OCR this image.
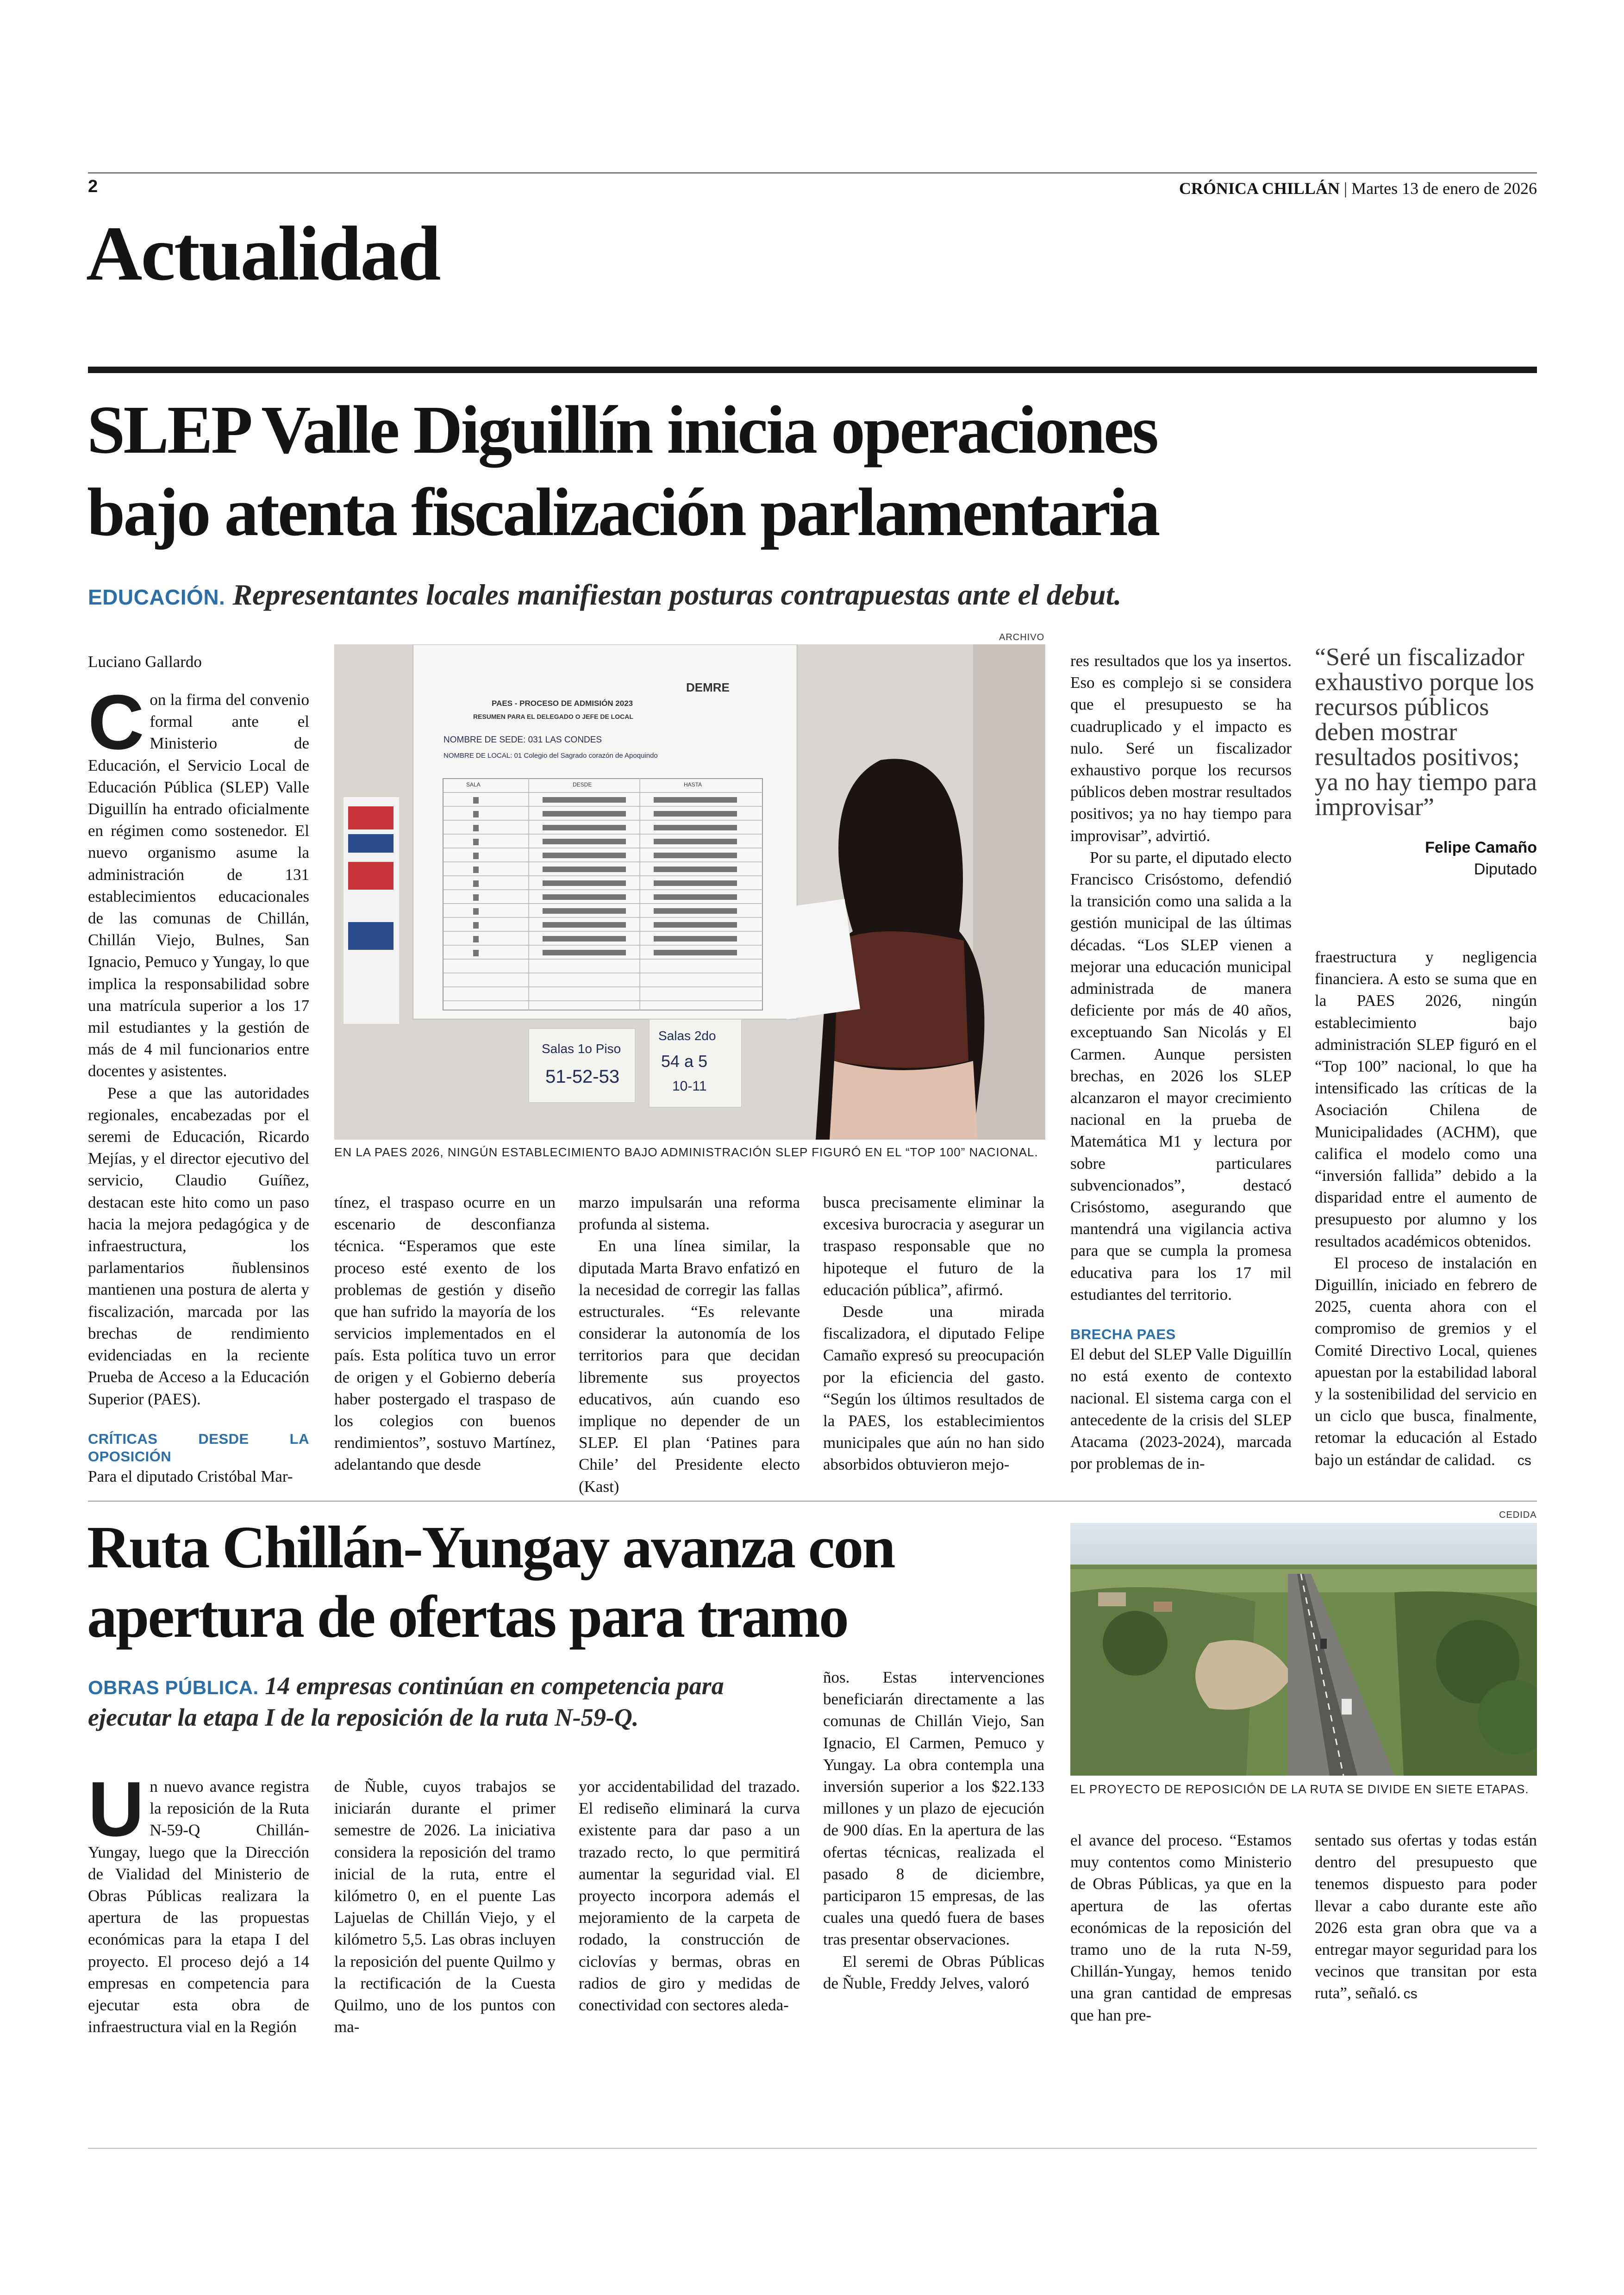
2	CRÓNICA CHILLÁN | Martes 13 de enero de 2026
Actualidad
SLEP Valle Diguillín inicia operaciones
bajo atenta fiscalización parlamentaria
EDUCACIÓN. Representantes locales manifiestan posturas contrapuestas ante el debut.
Luciano Gallardo
C on la firma del convenio formal ante el Ministerio de Educación, el Servicio Local de Educación Pública (SLEP) Valle Diguillín ha entrado oficialmente en régimen como sostenedor. El nuevo organismo asume la administración de 131 establecimientos educacionales de las comunas de Chillán, Chillán Viejo, Bulnes, San Ignacio, Pemuco y Yungay, lo que implica la responsabilidad sobre una matrícula superior a los 17 mil estudiantes y la gestión de más de 4 mil funcionarios entre docentes y asistentes.

Pese a que las autoridades regionales, encabezadas por el seremi de Educación, Ricardo Mejías, y el director ejecutivo del servicio, Claudio Guíñez, destacan este hito como un paso hacia la mejora pedagógica y de infraestructura, los parlamentarios ñublensinos mantienen una postura de alerta y fiscalización, marcada por las brechas de rendimiento evidenciadas en la reciente Prueba de Acceso a la Educación Superior (PAES).

CRÍTICAS DESDE LA OPOSICIÓN

Para el diputado Cristóbal Mar-

ARCHIVO
DEMRE
PAES - PROCESO DE ADMISIÓN 2023
RESUMEN PARA EL DELEGADO O JEFE DE LOCAL
NOMBRE DE SEDE: 031 LAS CONDES
NOMBRE DE LOCAL: 01 Colegio del Sagrado corazón de Apoquindo
SALA	DESDE	HASTA
Salas 1o Piso
51-52-53
Salas 2do
54 a 5
10-11
EN LA PAES 2026, NINGÚN ESTABLECIMIENTO BAJO ADMINISTRACIÓN SLEP FIGURÓ EN EL “TOP 100” NACIONAL.

tínez, el traspaso ocurre en un escenario de desconfianza técnica. “Esperamos que este proceso esté exento de los problemas de gestión y diseño que han sufrido la mayoría de los servicios implementados en el país. Esta política tuvo un error de origen y el Gobierno debería haber postergado el traspaso de los colegios con buenos rendimientos”, sostuvo Martínez, adelantando que desde

marzo impulsarán una reforma profunda al sistema.

En una línea similar, la diputada Marta Bravo enfatizó en la necesidad de corregir las fallas estructurales. “Es relevante considerar la autonomía de los territorios para que decidan libremente sus proyectos educativos, aún cuando eso implique no depender de un SLEP. El plan ‘Patines para Chile’ del Presidente electo (Kast)

busca precisamente eliminar la excesiva burocracia y asegurar un traspaso responsable que no hipoteque el futuro de la educación pública”, afirmó.

Desde una mirada fiscalizadora, el diputado Felipe Camaño expresó su preocupación por la eficiencia del gasto. “Según los últimos resultados de la PAES, los establecimientos municipales que aún no han sido absorbidos obtuvieron mejo-

res resultados que los ya insertos. Eso es complejo si se considera que el presupuesto se ha cuadruplicado y el impacto es nulo. Seré un fiscalizador exhaustivo porque los recursos públicos deben mostrar resultados positivos; ya no hay tiempo para improvisar”, advirtió.

Por su parte, el diputado electo Francisco Crisóstomo, defendió la transición como una salida a la gestión municipal de las últimas décadas. “Los SLEP vienen a mejorar una educación municipal administrada de manera deficiente por más de 40 años, exceptuando San Nicolás y El Carmen. Aunque persisten brechas, en 2026 los SLEP alcanzaron el mayor crecimiento nacional en la prueba de Matemática M1 y lectura por sobre particulares subvencionados”, destacó Crisóstomo, asegurando que mantendrá una vigilancia activa para que se cumpla la promesa educativa para los 17 mil estudiantes del territorio.

BRECHA PAES

El debut del SLEP Valle Diguillín no está exento de contexto nacional. El sistema carga con el antecedente de la crisis del SLEP Atacama (2023-2024), marcada por problemas de in-

“Seré un fiscalizador exhaustivo porque los recursos públicos deben mostrar resultados positivos; ya no hay tiempo para improvisar”
Felipe Camaño
Diputado

fraestructura y negligencia financiera. A esto se suma que en la PAES 2026, ningún establecimiento bajo administración SLEP figuró en el “Top 100” nacional, lo que ha intensificado las críticas de la Asociación Chilena de Municipalidades (ACHM), que califica el modelo como una “inversión fallida” debido a la disparidad entre el aumento de presupuesto por alumno y los resultados académicos obtenidos.

El proceso de instalación en Diguillín, iniciado en febrero de 2025, cuenta ahora con el compromiso de gremios y el Comité Directivo Local, quienes apuestan por la estabilidad laboral y la sostenibilidad del servicio en un ciclo que busca, finalmente, retomar la educación al Estado bajo un estándar de calidad. cs

Ruta Chillán-Yungay avanza con
apertura de ofertas para tramo
OBRAS PÚBLICA. 14 empresas continúan en competencia para ejecutar la etapa I de la reposición de la ruta N-59-Q.
U n nuevo avance registra la reposición de la Ruta N-59-Q Chillán-Yungay, luego que la Dirección de Vialidad del Ministerio de Obras Públicas realizara la apertura de las propuestas económicas para la etapa I del proyecto. El proceso dejó a 14 empresas en competencia para ejecutar esta obra de infraestructura vial en la Región

de Ñuble, cuyos trabajos se iniciarán durante el primer semestre de 2026. La iniciativa considera la reposición del tramo inicial de la ruta, entre el kilómetro 0, en el puente Las Lajuelas de Chillán Viejo, y el kilómetro 5,5. Las obras incluyen la reposición del puente Quilmo y la rectificación de la Cuesta Quilmo, uno de los puntos con ma-

yor accidentabilidad del trazado. El rediseño eliminará la curva existente para dar paso a un trazado recto, lo que permitirá aumentar la seguridad vial. El proyecto incorpora además el mejoramiento de la carpeta de rodado, la construcción de ciclovías y bermas, obras en radios de giro y medidas de conectividad con sectores aleda-

ños. Estas intervenciones beneficiarán directamente a las comunas de Chillán Viejo, San Ignacio, El Carmen, Pemuco y Yungay. La obra contempla una inversión superior a los $22.133 millones y un plazo de ejecución de 900 días. En la apertura de las ofertas técnicas, realizada el pasado 8 de diciembre, participaron 15 empresas, de las cuales una quedó fuera de bases tras presentar observaciones.

El seremi de Obras Públicas de Ñuble, Freddy Jelves, valoró

CEDIDA
EL PROYECTO DE REPOSICIÓN DE LA RUTA SE DIVIDE EN SIETE ETAPAS.

el avance del proceso. “Estamos muy contentos como Ministerio de Obras Públicas, ya que en la apertura de las ofertas económicas de la reposición del tramo uno de la ruta N-59, Chillán-Yungay, hemos tenido una gran cantidad de empresas que han pre-

sentado sus ofertas y todas están dentro del presupuesto que tenemos dispuesto para poder llevar a cabo durante este año 2026 esta gran obra que va a entregar mayor seguridad para los vecinos que transitan por esta ruta”, señaló. cs
